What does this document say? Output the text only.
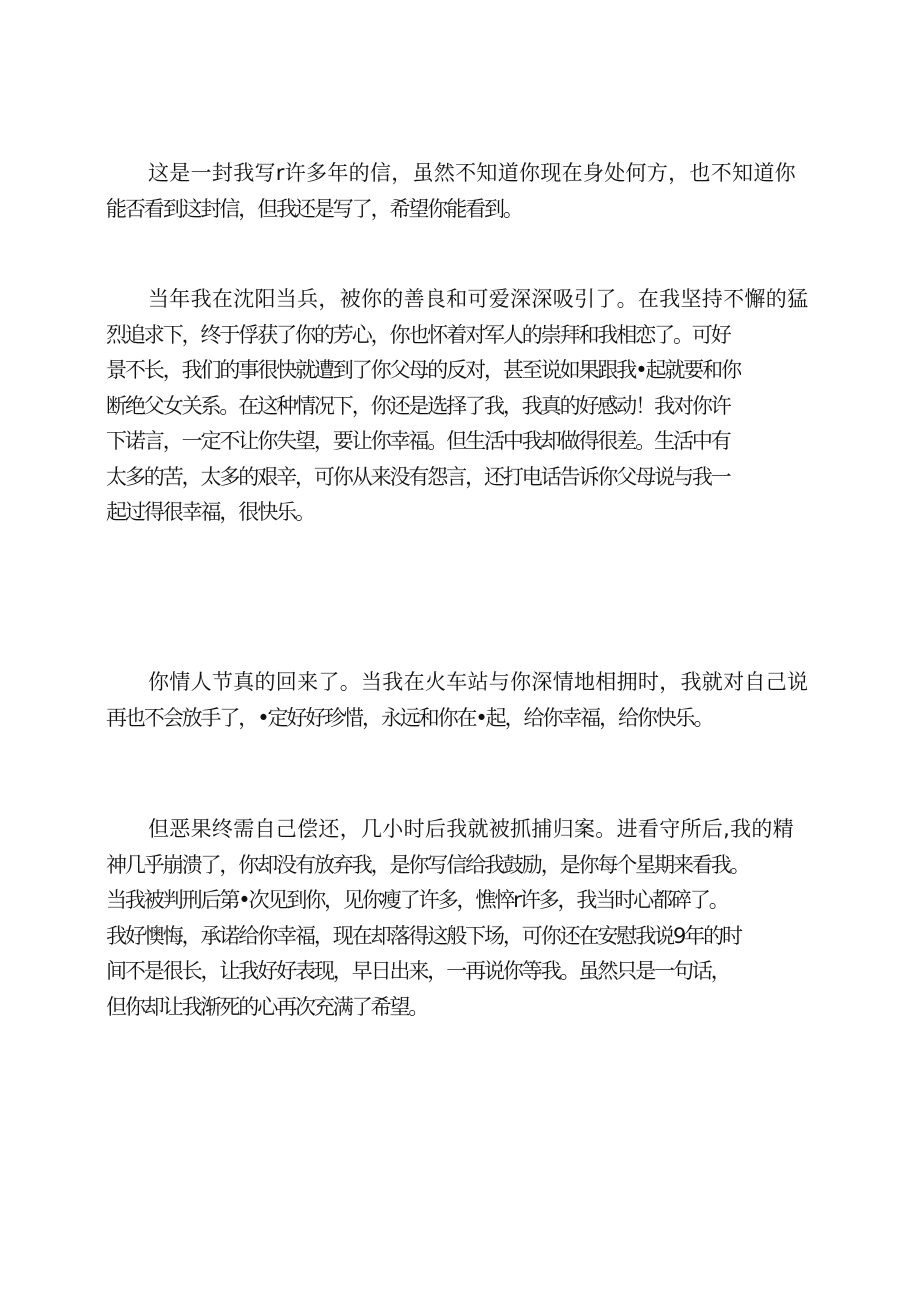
这是一封我写r许多年的信，虽然不知道你现在身处何方，也不知道你
能否看到这封信，但我还是写了，希望你能看到。

当年我在沈阳当兵，被你的善良和可爱深深吸引了。在我坚持不懈的猛
烈追求下，终于俘获了你的芳心，你也怀着对军人的崇拜和我相恋了。可好
景不长，我们的事很快就遭到了你父母的反对，甚至说如果跟我•起就要和你
断绝父女关系。在这种情况下，你还是选择了我，我真的好感动！我对你许
下诺言，一定不让你失望，要让你幸福。但生活中我却做得很差。生活中有
太多的苦，太多的艰辛，可你从来没有怨言，还打电话告诉你父母说与我一
起过得很幸福，很快乐。

你情人节真的回来了。当我在火车站与你深情地相拥时，我就对自己说
再也不会放手了，•定好好珍惜，永远和你在•起，给你幸福，给你快乐。

但恶果终需自己偿还，几小时后我就被抓捕归案。进看守所后,我的精
神几乎崩溃了，你却没有放弃我，是你写信给我鼓励，是你每个星期来看我。
当我被判刑后第•次见到你，见你瘦了许多，憔悴r许多，我当时心都碎了。
我好懊悔，承诺给你幸福，现在却落得这般下场，可你还在安慰我说9年的时
间不是很长，让我好好表现，早日出来，一再说你等我。虽然只是一句话，
但你却让我渐死的心再次充满了希望。
